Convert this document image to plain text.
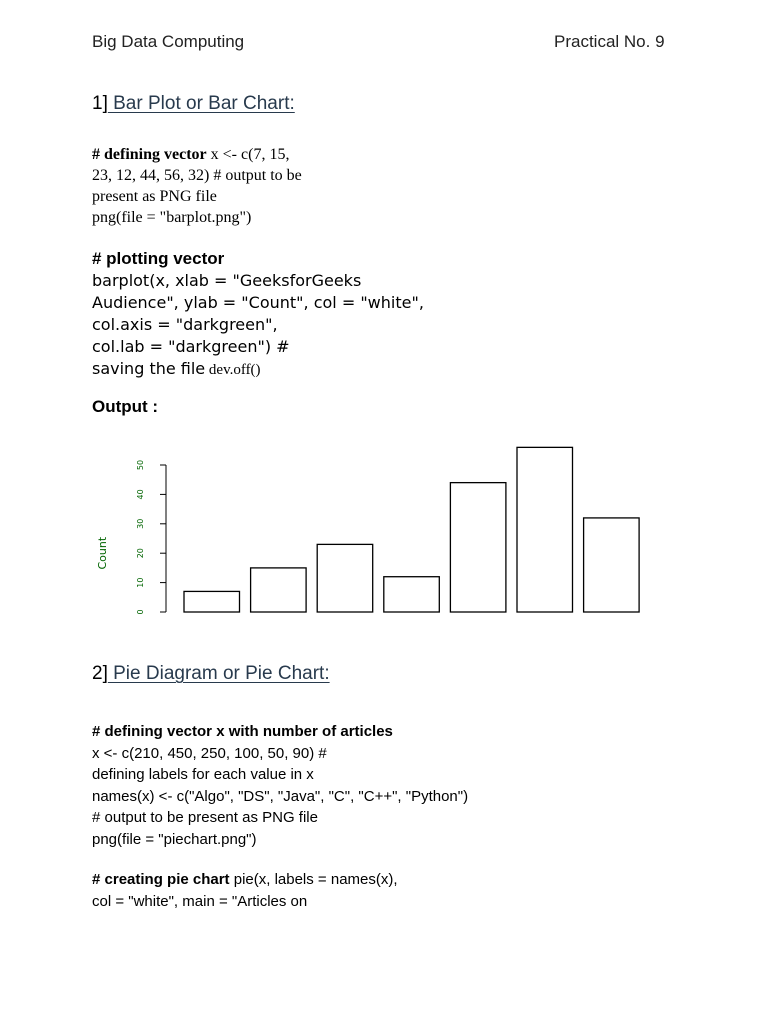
Big Data Computing	Practical No. 9
1] Bar Plot or Bar Chart:
# defining vector x <- c(7, 15,
23, 12, 44, 56, 32) # output to be
present as PNG file
png(file = "barplot.png")
# plotting vector
barplot(x, xlab = "GeeksforGeeks
Audience", ylab = "Count", col = "white",
col.axis = "darkgreen",
col.lab = "darkgreen") #
saving the file dev.off()
Output :
0
10
20
30
40
50
Count
2] Pie Diagram or Pie Chart:
# defining vector x with number of articles
x <- c(210, 450, 250, 100, 50, 90) #
defining labels for each value in x
names(x) <- c("Algo", "DS", "Java", "C", "C++", "Python")
# output to be present as PNG file
png(file = "piechart.png")
# creating pie chart pie(x, labels = names(x),
col = "white", main = "Articles on
